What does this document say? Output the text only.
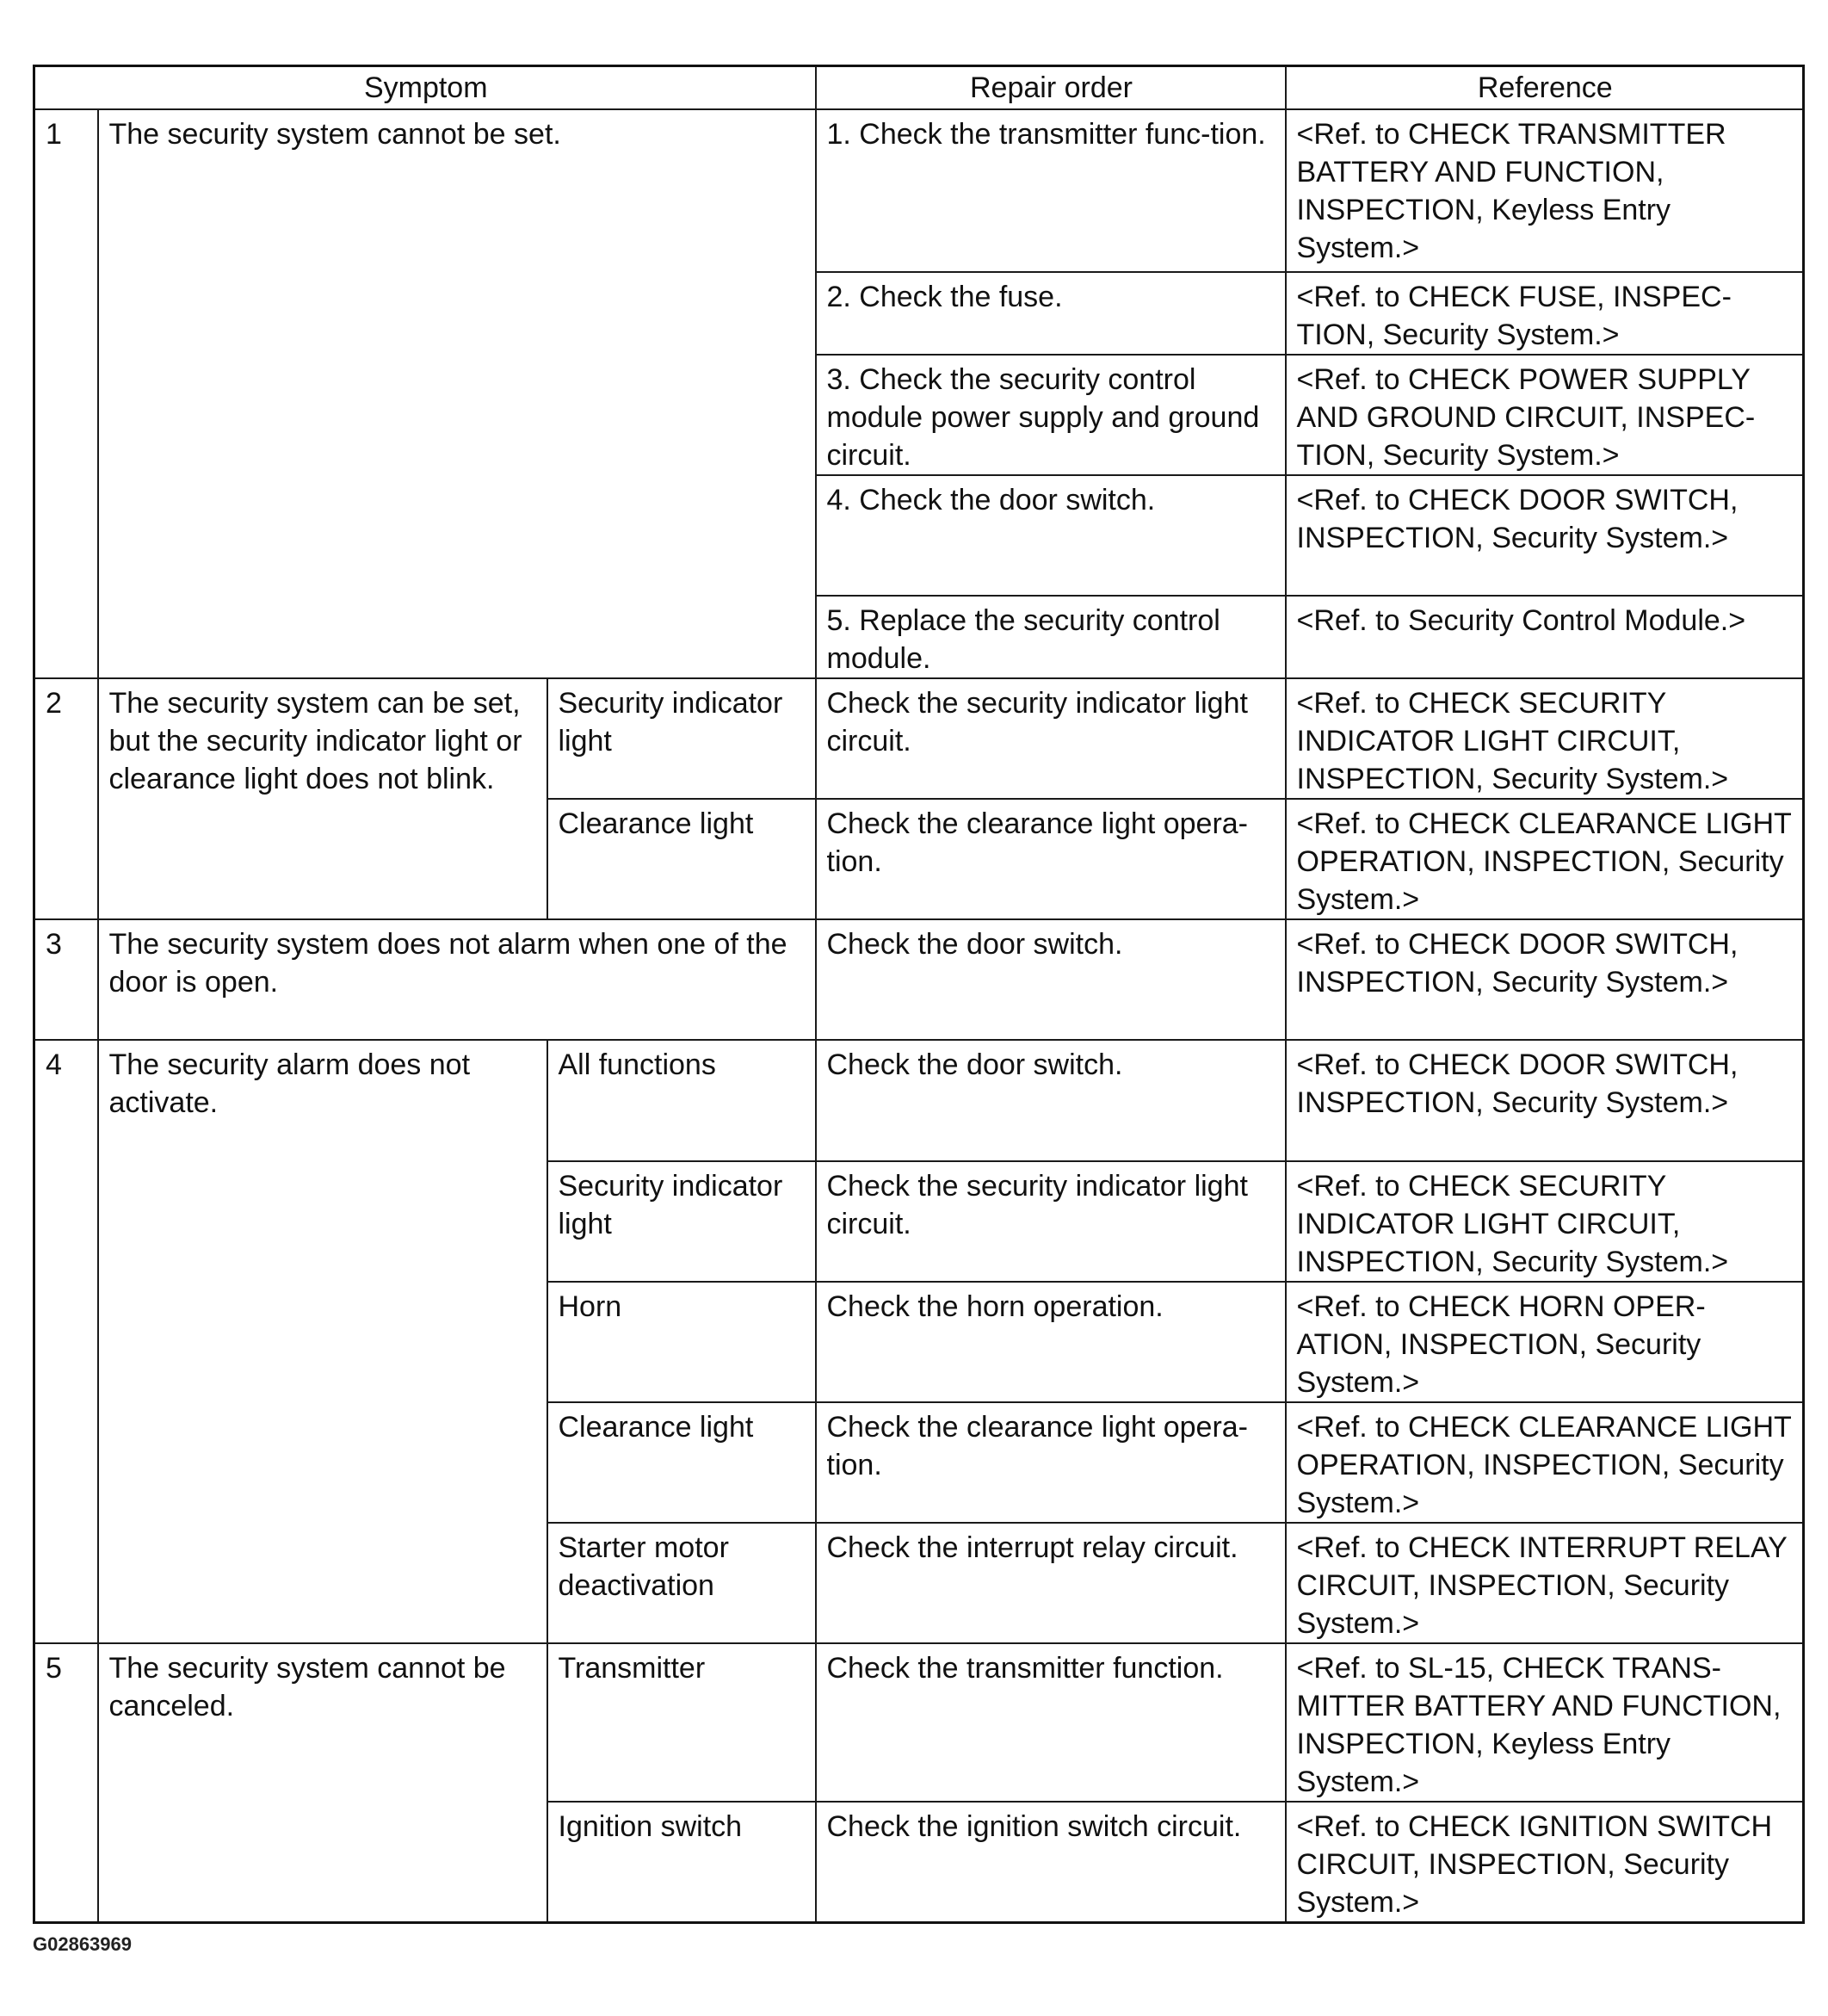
Symptom			Repair order	Reference
1	The security system cannot be set.		1. Check the transmitter func-tion.	<Ref. to CHECK TRANSMITTER BATTERY AND FUNCTION, INSPECTION, Keyless Entry System.>
			2. Check the fuse.	<Ref. to CHECK FUSE, INSPEC-TION, Security System.>
			3. Check the security control module power supply and ground circuit.	<Ref. to CHECK POWER SUPPLY AND GROUND CIRCUIT, INSPEC-TION, Security System.>
			4. Check the door switch.	<Ref. to CHECK DOOR SWITCH, INSPECTION, Security System.>
			5. Replace the security control module.	<Ref. to Security Control Module.>
2	The security system can be set, but the security indicator light or clearance light does not blink.	Security indicator light	Check the security indicator light circuit.	<Ref. to CHECK SECURITY INDICATOR LIGHT CIRCUIT, INSPECTION, Security System.>
		Clearance light	Check the clearance light opera-tion.	<Ref. to CHECK CLEARANCE LIGHT OPERATION, INSPECTION, Security System.>
3	The security system does not alarm when one of the door is open.		Check the door switch.	<Ref. to CHECK DOOR SWITCH, INSPECTION, Security System.>
4	The security alarm does not activate.	All functions	Check the door switch.	<Ref. to CHECK DOOR SWITCH, INSPECTION, Security System.>
		Security indicator light	Check the security indicator light circuit.	<Ref. to CHECK SECURITY INDICATOR LIGHT CIRCUIT, INSPECTION, Security System.>
		Horn	Check the horn operation.	<Ref. to CHECK HORN OPER-ATION, INSPECTION, Security System.>
		Clearance light	Check the clearance light opera-tion.	<Ref. to CHECK CLEARANCE LIGHT OPERATION, INSPECTION, Security System.>
		Starter motor deactivation	Check the interrupt relay circuit.	<Ref. to CHECK INTERRUPT RELAY CIRCUIT, INSPECTION, Security System.>
5	The security system cannot be canceled.	Transmitter	Check the transmitter function.	<Ref. to SL-15, CHECK TRANS-MITTER BATTERY AND FUNCTION, INSPECTION, Keyless Entry System.>
		Ignition switch	Check the ignition switch circuit.	<Ref. to CHECK IGNITION SWITCH CIRCUIT, INSPECTION, Security System.>
G02863969
